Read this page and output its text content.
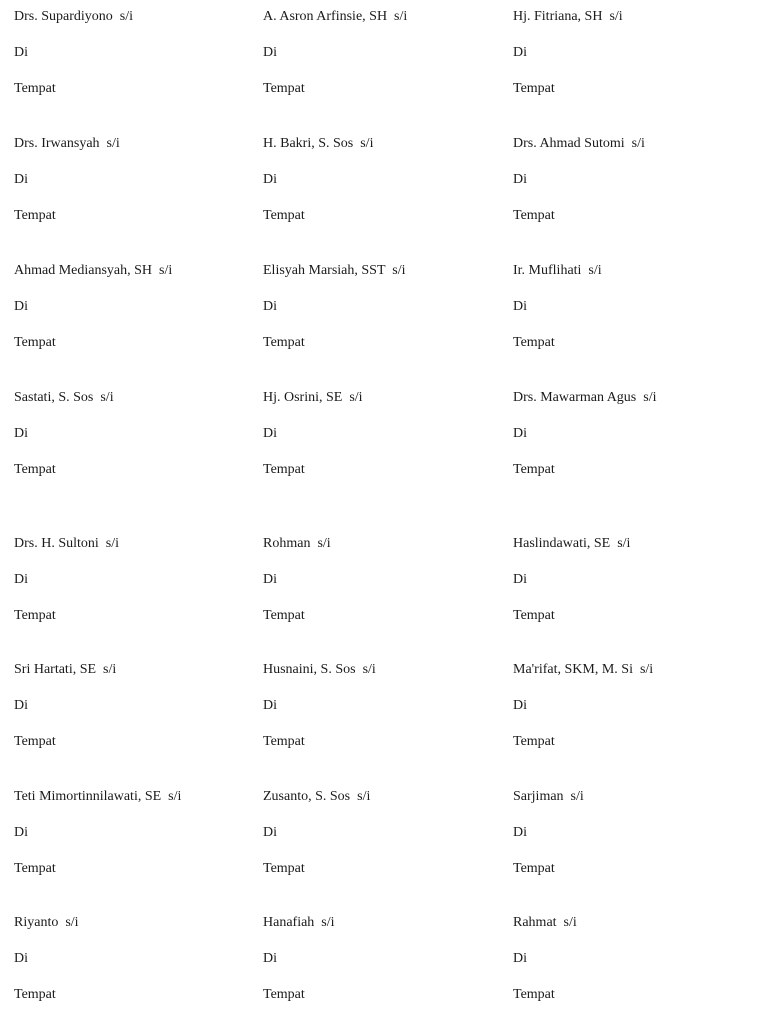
Drs. Supardiyono  s/i
Di
Tempat
A. Asron Arfinsie, SH  s/i
Di
Tempat
Hj. Fitriana, SH  s/i
Di
Tempat
Drs. Irwansyah  s/i
Di
Tempat
H. Bakri, S. Sos  s/i
Di
Tempat
Drs. Ahmad Sutomi  s/i
Di
Tempat
Ahmad Mediansyah, SH  s/i
Di
Tempat
Elisyah Marsiah, SST  s/i
Di
Tempat
Ir. Muflihati  s/i
Di
Tempat
Sastati, S. Sos  s/i
Di
Tempat
Hj. Osrini, SE  s/i
Di
Tempat
Drs. Mawarman Agus  s/i
Di
Tempat
Drs. H. Sultoni  s/i
Di
Tempat
Rohman  s/i
Di
Tempat
Haslindawati, SE  s/i
Di
Tempat
Sri Hartati, SE  s/i
Di
Tempat
Husnaini, S. Sos  s/i
Di
Tempat
Ma'rifat, SKM, M. Si  s/i
Di
Tempat
Teti Mimortinnilawati, SE  s/i
Di
Tempat
Zusanto, S. Sos  s/i
Di
Tempat
Sarjiman  s/i
Di
Tempat
Riyanto  s/i
Di
Tempat
Hanafiah  s/i
Di
Tempat
Rahmat  s/i
Di
Tempat
